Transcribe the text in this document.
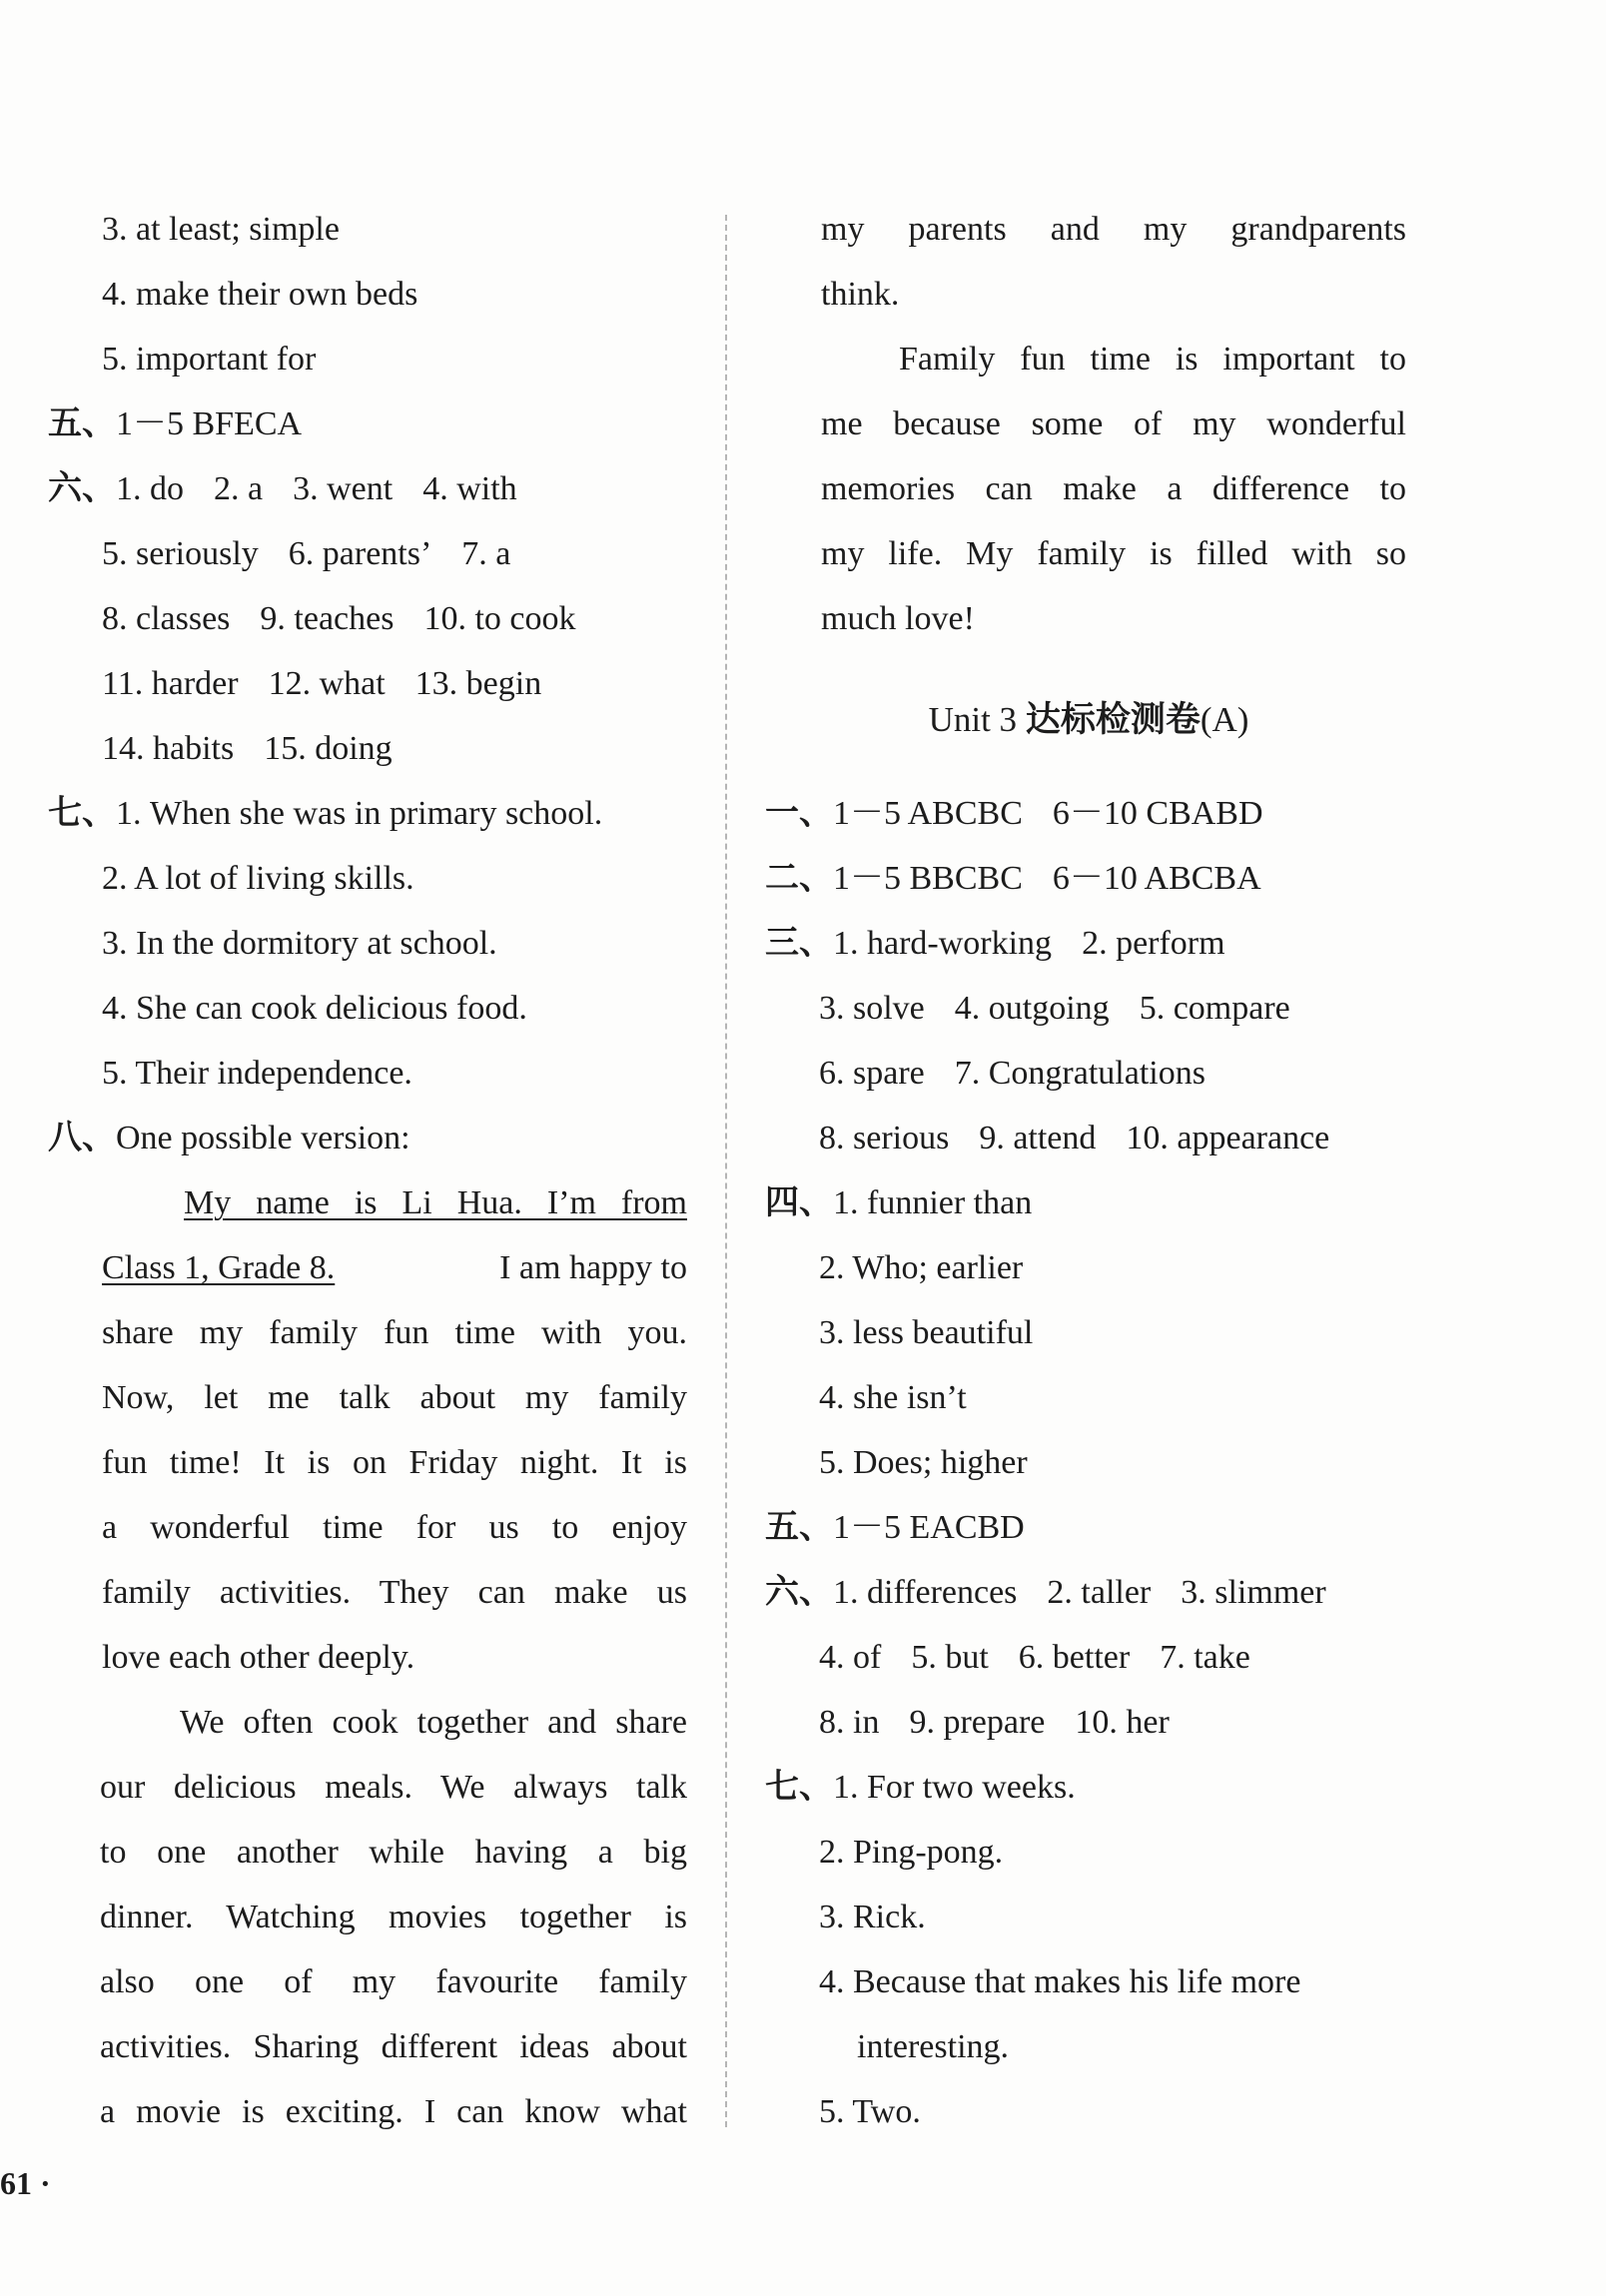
3. at least; simple
4. make their own beds
5. important for
五、1－5 BFECA
六、1. do 2. a 3. went 4. with
5. seriously 6. parents’ 7. a
8. classes 9. teaches 10. to cook
11. harder 12. what 13. begin
14. habits 15. doing
七、1. When she was in primary school.
2. A lot of living skills.
3. In the dormitory at school.
4. She can cook delicious food.
5. Their independence.
八、One possible version:
My name is Li Hua. I’m from
Class 1, Grade 8.	I am happy to
share my family fun time with you.
Now, let me talk about my family
fun time! It is on Friday night. It is
a wonderful time for us to enjoy
family activities. They can make us
love each other deeply.
We often cook together and share
our delicious meals. We always talk
to one another while having a big
dinner. Watching movies together is
also one of my favourite family
activities. Sharing different ideas about
a movie is exciting. I can know what
my parents and my grandparents
think.
Family fun time is important to
me because some of my wonderful
memories can make a difference to
my life. My family is filled with so
much love!
Unit 3 达标检测卷(A)
一、1－5 ABCBC 6－10 CBABD
二、1－5 BBCBC 6－10 ABCBA
三、1. hard-working 2. perform
3. solve 4. outgoing 5. compare
6. spare 7. Congratulations
8. serious 9. attend 10. appearance
四、1. funnier than
2. Who; earlier
3. less beautiful
4. she isn’t
5. Does; higher
五、1－5 EACBD
六、1. differences 2. taller 3. slimmer
4. of 5. but 6. better 7. take
8. in 9. prepare 10. her
七、1. For two weeks.
2. Ping-pong.
3. Rick.
4. Because that makes his life more
interesting.
5. Two.
61 ·
